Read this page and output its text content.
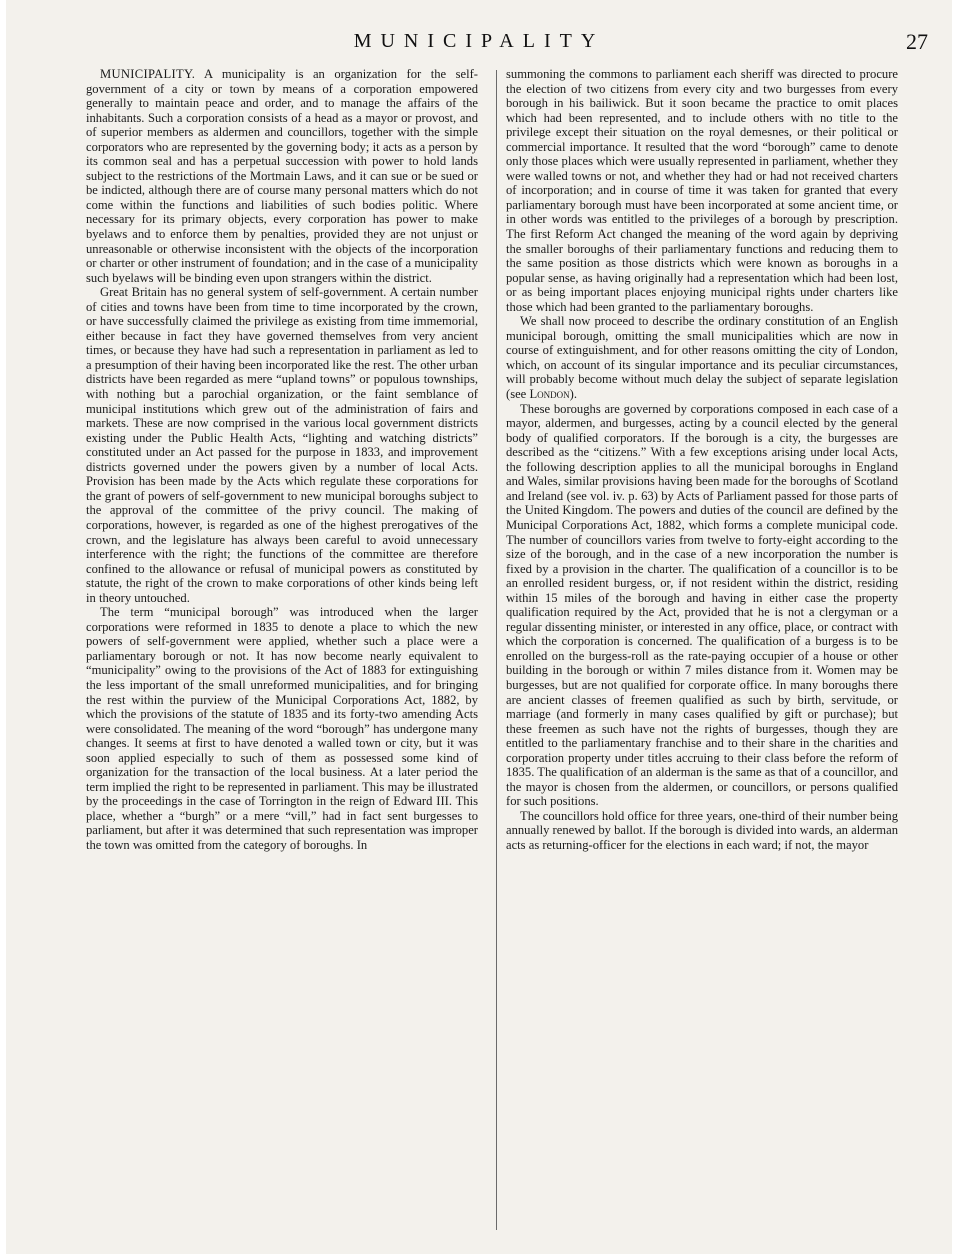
MUNICIPALITY	27

MUNICIPALITY. A municipality is an organization for the self-government of a city or town by means of a corporation empowered generally to maintain peace and order, and to manage the affairs of the inhabitants. Such a corporation consists of a head as a mayor or provost, and of superior members as aldermen and councillors, together with the simple corporators who are represented by the governing body; it acts as a person by its common seal and has a perpetual succession with power to hold lands subject to the restrictions of the Mortmain Laws, and it can sue or be sued or be indicted, although there are of course many personal matters which do not come within the functions and liabilities of such bodies politic. Where necessary for its primary objects, every corporation has power to make byelaws and to enforce them by penalties, provided they are not unjust or unreasonable or otherwise inconsistent with the objects of the incorporation or charter or other instrument of foundation; and in the case of a municipality such byelaws will be binding even upon strangers within the district.

Great Britain has no general system of self-government. A certain number of cities and towns have been from time to time incorporated by the crown, or have successfully claimed the privilege as existing from time immemorial, either because in fact they have governed themselves from very ancient times, or because they have had such a representation in parliament as led to a presumption of their having been incorporated like the rest. The other urban districts have been regarded as mere “upland towns” or populous townships, with nothing but a parochial organization, or the faint semblance of municipal institutions which grew out of the administration of fairs and markets. These are now comprised in the various local government districts existing under the Public Health Acts, “lighting and watching districts” constituted under an Act passed for the purpose in 1833, and improvement districts governed under the powers given by a number of local Acts. Provision has been made by the Acts which regulate these corporations for the grant of powers of self-government to new municipal boroughs subject to the approval of the committee of the privy council. The making of corporations, however, is regarded as one of the highest prerogatives of the crown, and the legislature has always been careful to avoid unnecessary interference with the right; the functions of the committee are therefore confined to the allowance or refusal of municipal powers as constituted by statute, the right of the crown to make corporations of other kinds being left in theory untouched.

The term “municipal borough” was introduced when the larger corporations were reformed in 1835 to denote a place to which the new powers of self-government were applied, whether such a place were a parliamentary borough or not. It has now become nearly equivalent to “municipality” owing to the provisions of the Act of 1883 for extinguishing the less important of the small unreformed municipalities, and for bringing the rest within the purview of the Municipal Corporations Act, 1882, by which the provisions of the statute of 1835 and its forty-two amending Acts were consolidated. The meaning of the word “borough” has undergone many changes. It seems at first to have denoted a walled town or city, but it was soon applied especially to such of them as possessed some kind of organization for the transaction of the local business. At a later period the term implied the right to be represented in parliament. This may be illustrated by the proceedings in the case of Torrington in the reign of Edward III. This place, whether a “burgh” or a mere “vill,” had in fact sent burgesses to parliament, but after it was determined that such representation was improper the town was omitted from the category of boroughs. In

summoning the commons to parliament each sheriff was directed to procure the election of two citizens from every city and two burgesses from every borough in his bailiwick. But it soon became the practice to omit places which had been represented, and to include others with no title to the privilege except their situation on the royal demesnes, or their political or commercial importance. It resulted that the word “borough” came to denote only those places which were usually represented in parliament, whether they were walled towns or not, and whether they had or had not received charters of incorporation; and in course of time it was taken for granted that every parliamentary borough must have been incorporated at some ancient time, or in other words was entitled to the privileges of a borough by prescription. The first Reform Act changed the meaning of the word again by depriving the smaller boroughs of their parliamentary functions and reducing them to the same position as those districts which were known as boroughs in a popular sense, as having originally had a representation which had been lost, or as being important places enjoying municipal rights under charters like those which had been granted to the parliamentary boroughs.

We shall now proceed to describe the ordinary constitution of an English municipal borough, omitting the small municipalities which are now in course of extinguishment, and for other reasons omitting the city of London, which, on account of its singular importance and its peculiar circumstances, will probably become without much delay the subject of separate legislation (see London).

These boroughs are governed by corporations composed in each case of a mayor, aldermen, and burgesses, acting by a council elected by the general body of qualified corporators. If the borough is a city, the burgesses are described as the “citizens.” With a few exceptions arising under local Acts, the following description applies to all the municipal boroughs in England and Wales, similar provisions having been made for the boroughs of Scotland and Ireland (see vol. iv. p. 63) by Acts of Parliament passed for those parts of the United Kingdom. The powers and duties of the council are defined by the Municipal Corporations Act, 1882, which forms a complete municipal code. The number of councillors varies from twelve to forty-eight according to the size of the borough, and in the case of a new incorporation the number is fixed by a provision in the charter. The qualification of a councillor is to be an enrolled resident burgess, or, if not resident within the district, residing within 15 miles of the borough and having in either case the property qualification required by the Act, provided that he is not a clergyman or a regular dissenting minister, or interested in any office, place, or contract with which the corporation is concerned. The qualification of a burgess is to be enrolled on the burgess-roll as the rate-paying occupier of a house or other building in the borough or within 7 miles distance from it. Women may be burgesses, but are not qualified for corporate office. In many boroughs there are ancient classes of freemen qualified as such by birth, servitude, or marriage (and formerly in many cases qualified by gift or purchase); but these freemen as such have not the rights of burgesses, though they are entitled to the parliamentary franchise and to their share in the charities and corporation property under titles accruing to their class before the reform of 1835. The qualification of an alderman is the same as that of a councillor, and the mayor is chosen from the aldermen, or councillors, or persons qualified for such positions.

The councillors hold office for three years, one-third of their number being annually renewed by ballot. If the borough is divided into wards, an alderman acts as returning-officer for the elections in each ward; if not, the mayor
